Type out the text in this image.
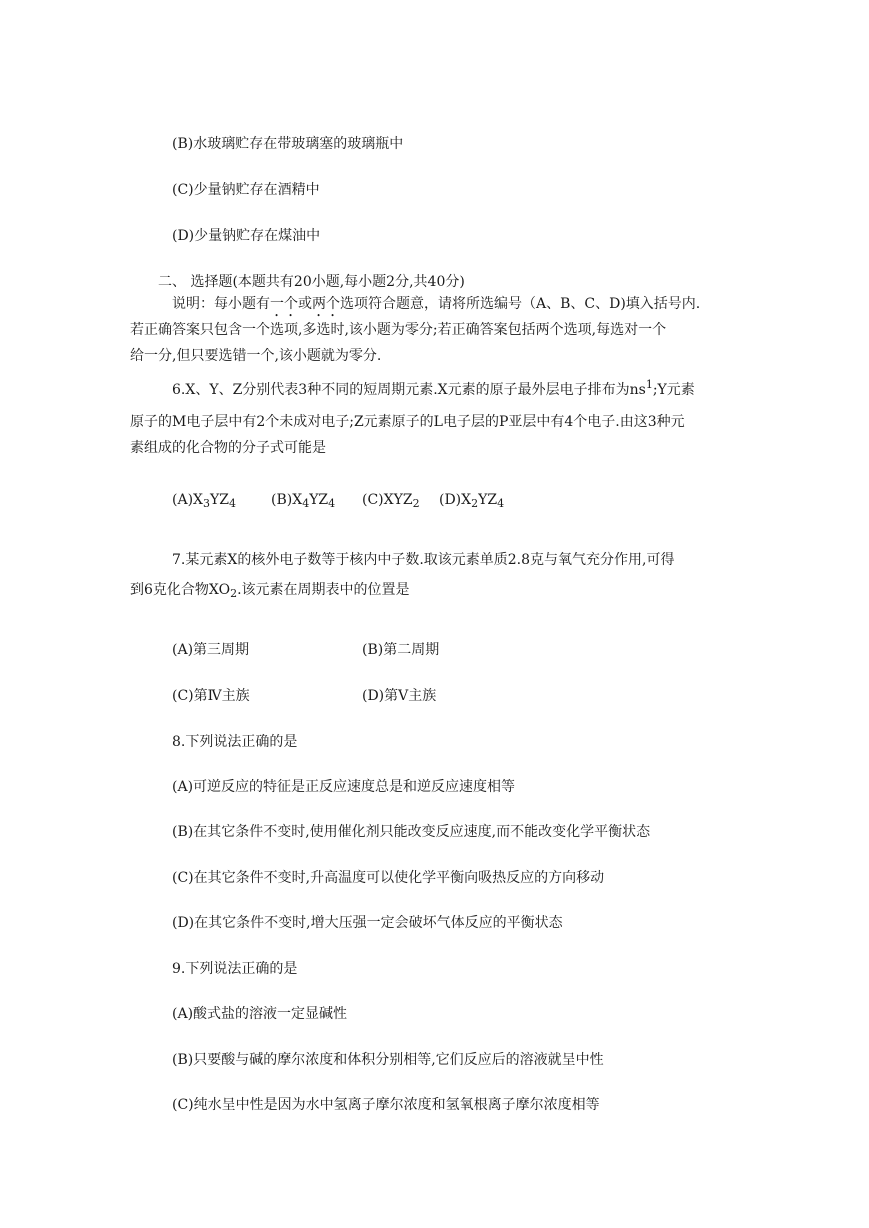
(B)水玻璃贮存在带玻璃塞的玻璃瓶中
(C)少量钠贮存在酒精中
(D)少量钠贮存在煤油中
二、 选择题(本题共有20小题,每小题2分,共40分)
说明：每小题有一个或两个选项符合题意，请将所选编号（A、B、C、D)填入括号内.
若正确答案只包含一个选项,多选时,该小题为零分;若正确答案包括两个选项,每选对一个
给一分,但只要选错一个,该小题就为零分.
6.X、Y、Z分别代表3种不同的短周期元素.X元素的原子最外层电子排布为$ns^1;Y$元素
原子的M电子层中有2个未成对电子;Z元素原子的L电子层的P亚层中有4个电子.由这3种元
素组成的化合物的分子式可能是
$(A)X_3YZ_4$	$(B)X_4YZ_4$ $(C)XYZ_2$ $(D)X_2YZ_4$
7.某元素X的核外电子数等于核内中子数.取该元素单质2.8克与氧气充分作用,可得
到6克化合物$XO_2$.该元素在周期表中的位置是
(A)第三周期	(B)第二周期
(C)第Ⅳ主族	(D)第Ⅴ主族
8.下列说法正确的是
(A)可逆反应的特征是正反应速度总是和逆反应速度相等
(B)在其它条件不变时,使用催化剂只能改变反应速度,而不能改变化学平衡状态
(C)在其它条件不变时,升高温度可以使化学平衡向吸热反应的方向移动
(D)在其它条件不变时,增大压强一定会破坏气体反应的平衡状态
9.下列说法正确的是
(A)酸式盐的溶液一定显碱性
(B)只要酸与碱的摩尔浓度和体积分别相等,它们反应后的溶液就呈中性
(C)纯水呈中性是因为水中氢离子摩尔浓度和氢氧根离子摩尔浓度相等
